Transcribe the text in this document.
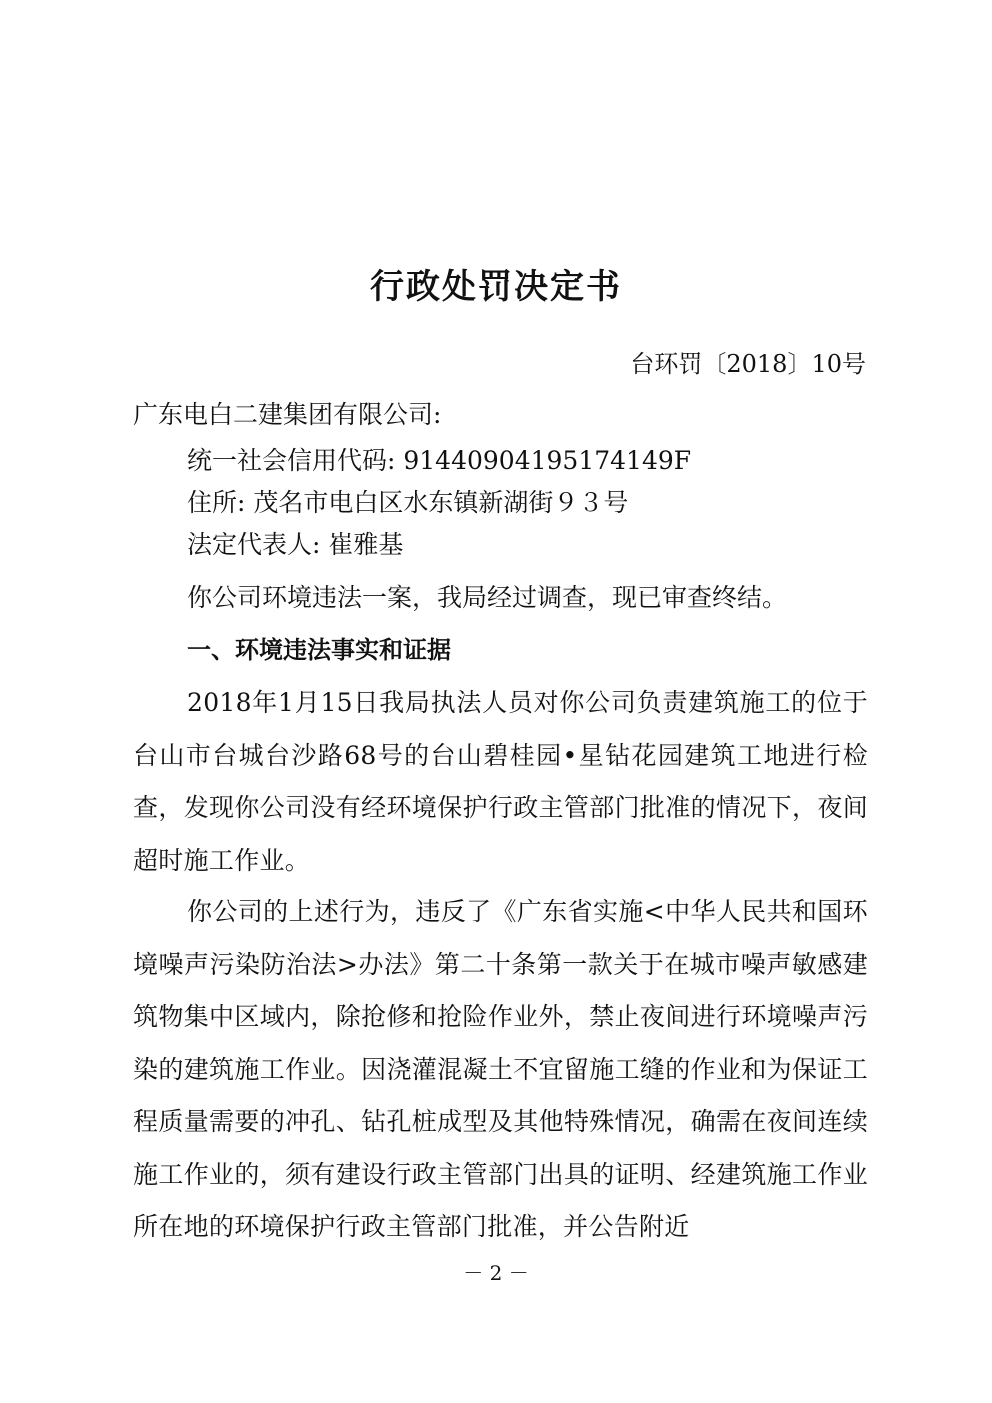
行政处罚决定书
台环罚〔2018〕10号
广东电白二建集团有限公司:
统一社会信用代码: 91440904195174149F
住所: 茂名市电白区水东镇新湖街９３号
法定代表人: 崔雅基
你公司环境违法一案，我局经过调查，现已审查终结。
一、环境违法事实和证据

2018年1月15日我局执法人员对你公司负责建筑施工的位于台山市台城台沙路68号的台山碧桂园•星钻花园建筑工地进行检查，发现你公司没有经环境保护行政主管部门批准的情况下，夜间超时施工作业。

你公司的上述行为，违反了《广东省实施<中华人民共和国环境噪声污染防治法>办法》第二十条第一款关于在城市噪声敏感建筑物集中区域内，除抢修和抢险作业外，禁止夜间进行环境噪声污染的建筑施工作业。因浇灌混凝土不宜留施工缝的作业和为保证工程质量需要的冲孔、钻孔桩成型及其他特殊情况，确需在夜间连续施工作业的，须有建设行政主管部门出具的证明、经建筑施工作业所在地的环境保护行政主管部门批准，并公告附近

－ 2 －
